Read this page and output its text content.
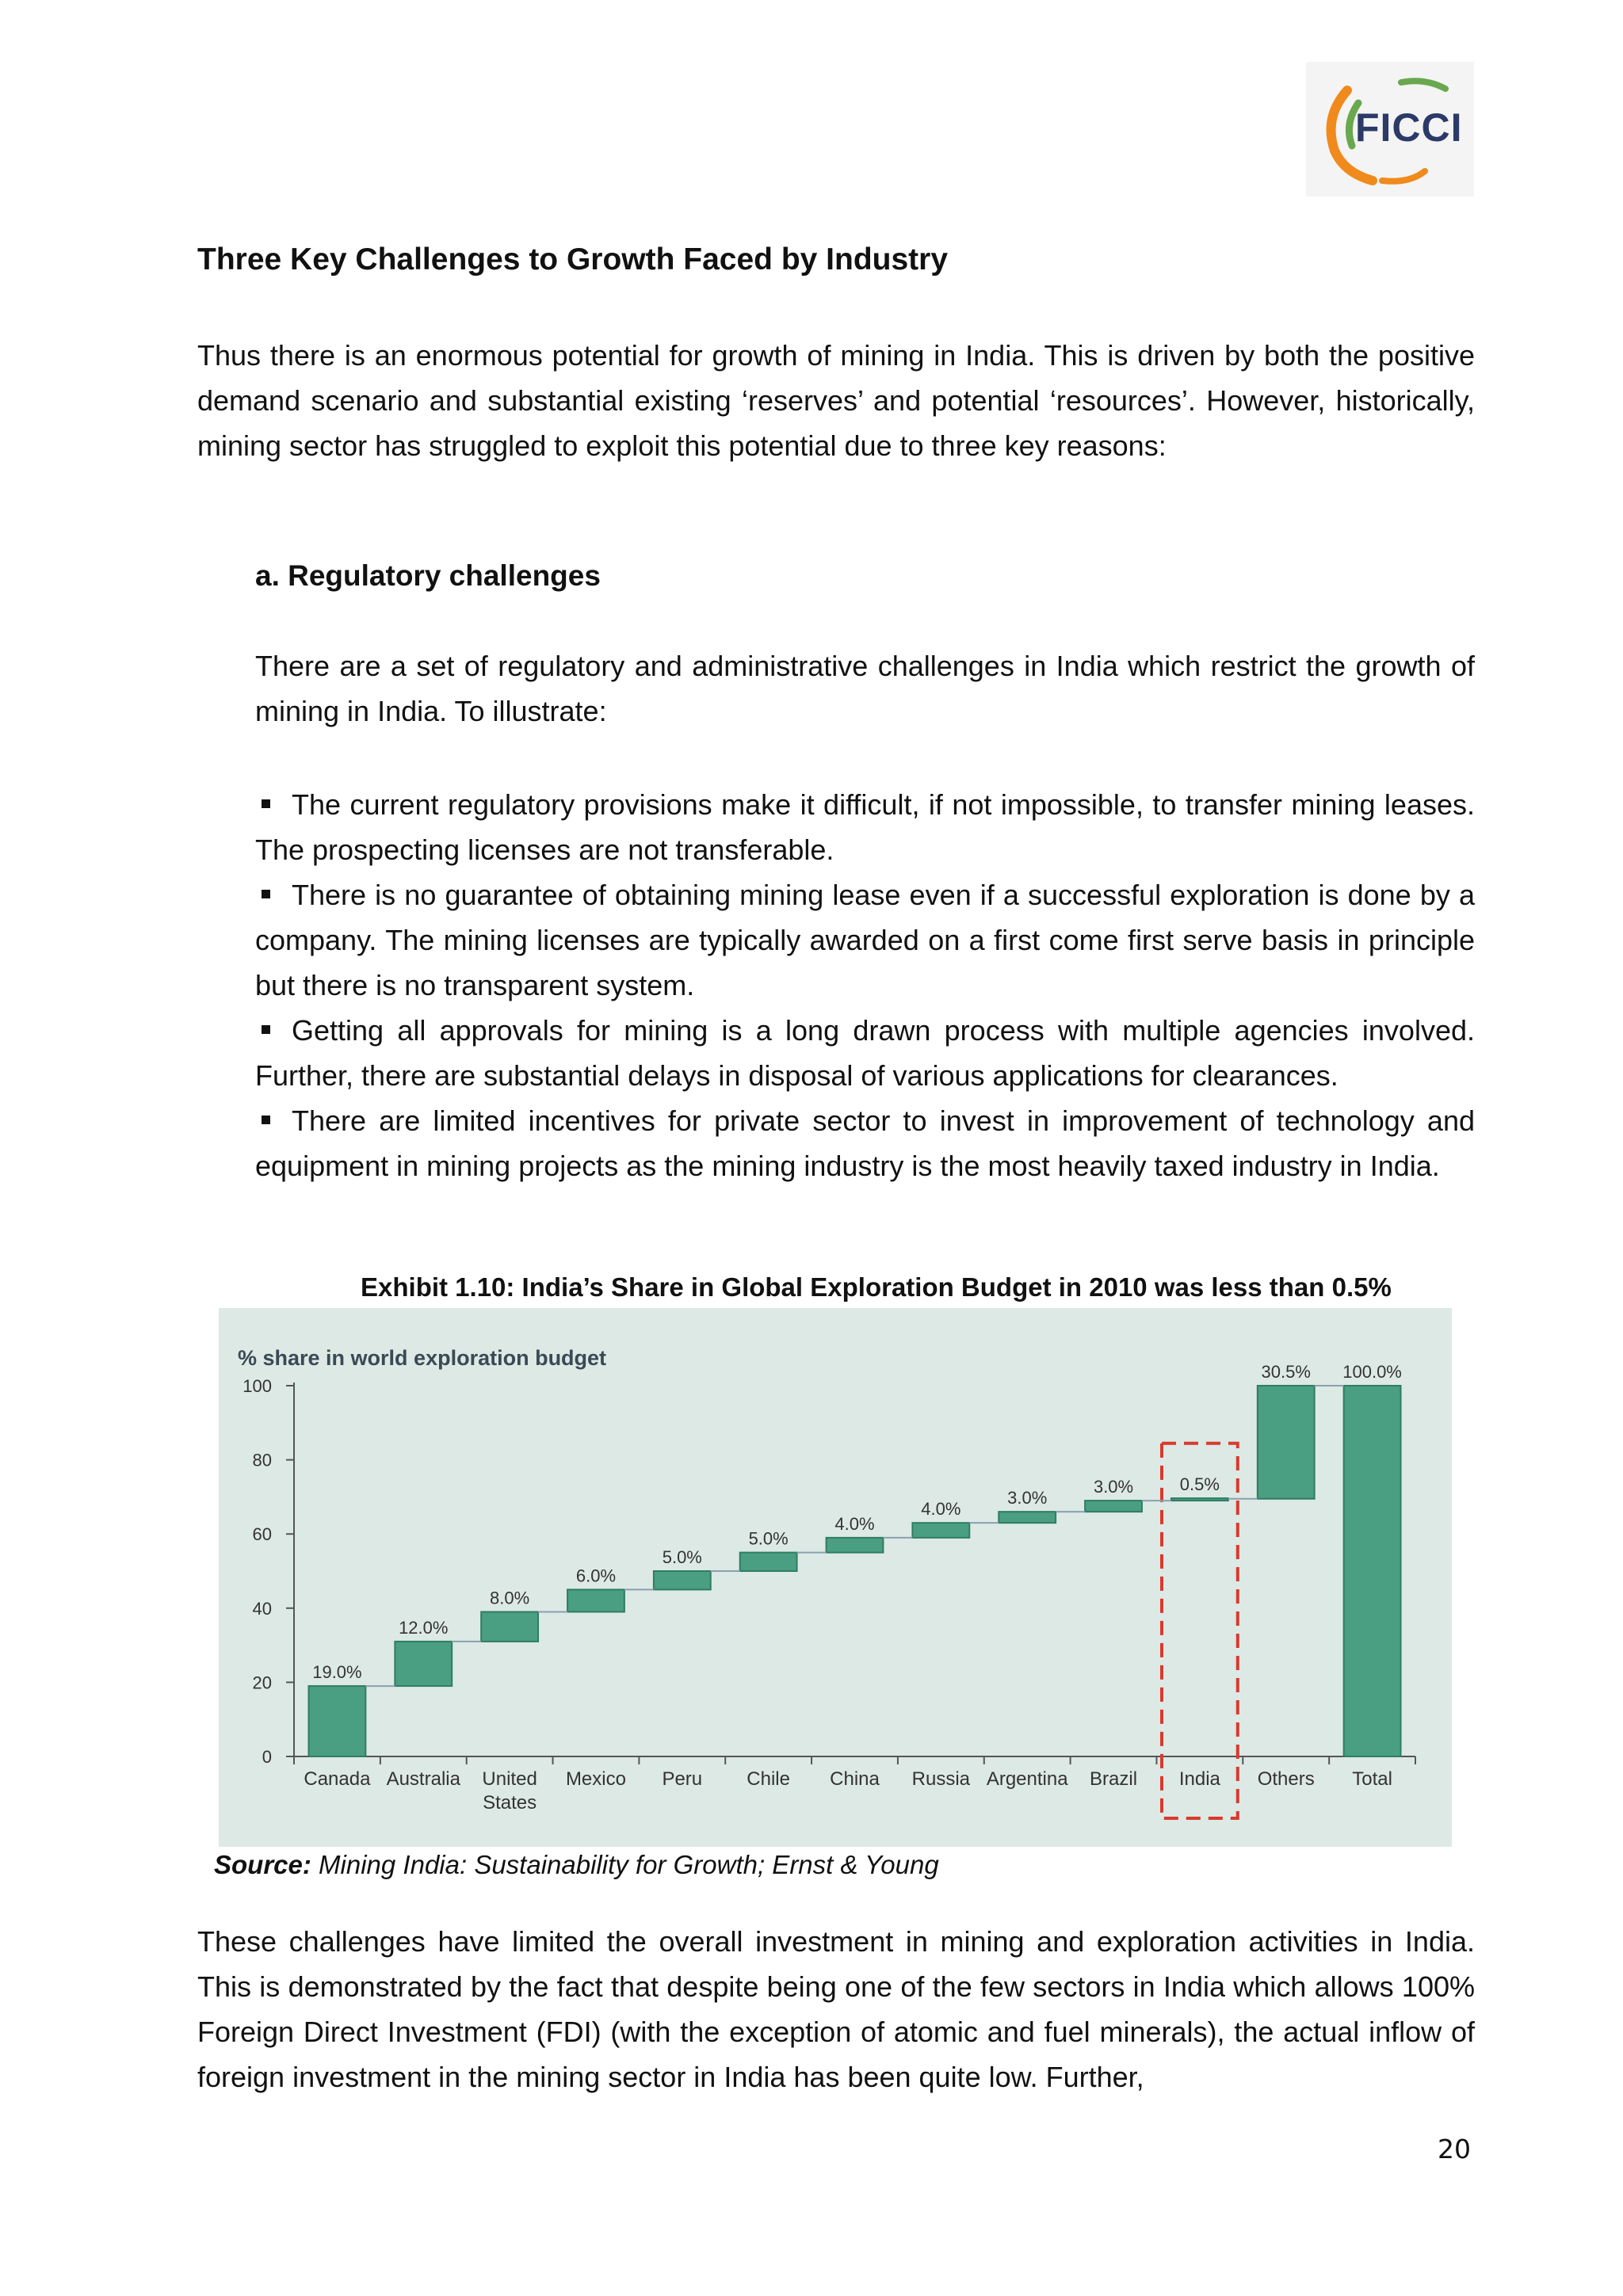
FICCI
Three Key Challenges to Growth Faced by Industry

Thus there is an enormous potential for growth of mining in India. This is driven by both the positive demand scenario and substantial existing ‘reserves’ and potential ‘resources’. However, historically, mining sector has struggled to exploit this potential due to three key reasons:

a. Regulatory challenges

There are a set of regulatory and administrative challenges in India which restrict the growth of mining in India. To illustrate:

The current regulatory provisions make it difficult, if not impossible, to transfer mining leases. The prospecting licenses are not transferable.
There is no guarantee of obtaining mining lease even if a successful exploration is done by a company. The mining licenses are typically awarded on a first come first serve basis in principle but there is no transparent system.
Getting all approvals for mining is a long drawn process with multiple agencies involved. Further, there are substantial delays in disposal of various applications for clearances.
There are limited incentives for private sector to invest in improvement of technology and equipment in mining projects as the mining industry is the most heavily taxed industry in India.
Exhibit 1.10: India’s Share in Global Exploration Budget in 2010 was less than 0.5%
% share in world exploration budget
0
20
40
60
80
100
19.0%
Canada
12.0%
Australia
8.0%
United
States
6.0%
Mexico
5.0%
Peru
5.0%
Chile
4.0%
China
4.0%
Russia
3.0%
Argentina
3.0%
Brazil
0.5%
India
30.5%
Others
100.0%
Total
Source: Mining India: Sustainability for Growth; Ernst & Young

These challenges have limited the overall investment in mining and exploration activities in India. This is demonstrated by the fact that despite being one of the few sectors in India which allows 100% Foreign Direct Investment (FDI) (with the exception of atomic and fuel minerals), the actual inflow of foreign investment in the mining sector in India has been quite low. Further,

20
